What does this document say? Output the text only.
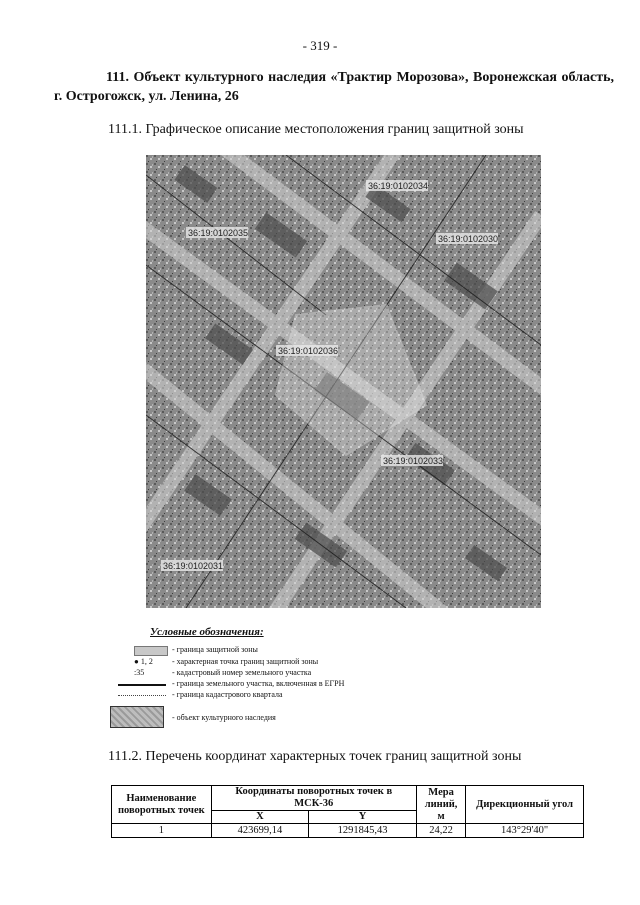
- 319 -
111. Объект культурного наследия «Трактир Морозова», Воронежская область, г. Острогожск, ул. Ленина, 26
111.1. Графическое описание местоположения границ защитной зоны
36:19:0102034
36:19:0102035
36:19:0102030
36:19:0102036
36:19:0102033
36:19:0102031
Условные обозначения:
- граница защитной зоны
● 1, 2 - характерная точка границ защитной зоны
:35	- кадастровый номер земельного участка
- граница земельного участка, включенная в ЕГРН
- граница кадастрового квартала
- объект культурного наследия
111.2. Перечень координат характерных точек границ защитной зоны
Наименование поворотных точек	Координаты поворотных точек в МСК-36		Мера линий, м	Дирекционный угол
	X	Y		
1	423699,14	1291845,43	24,22	143°29'40"
